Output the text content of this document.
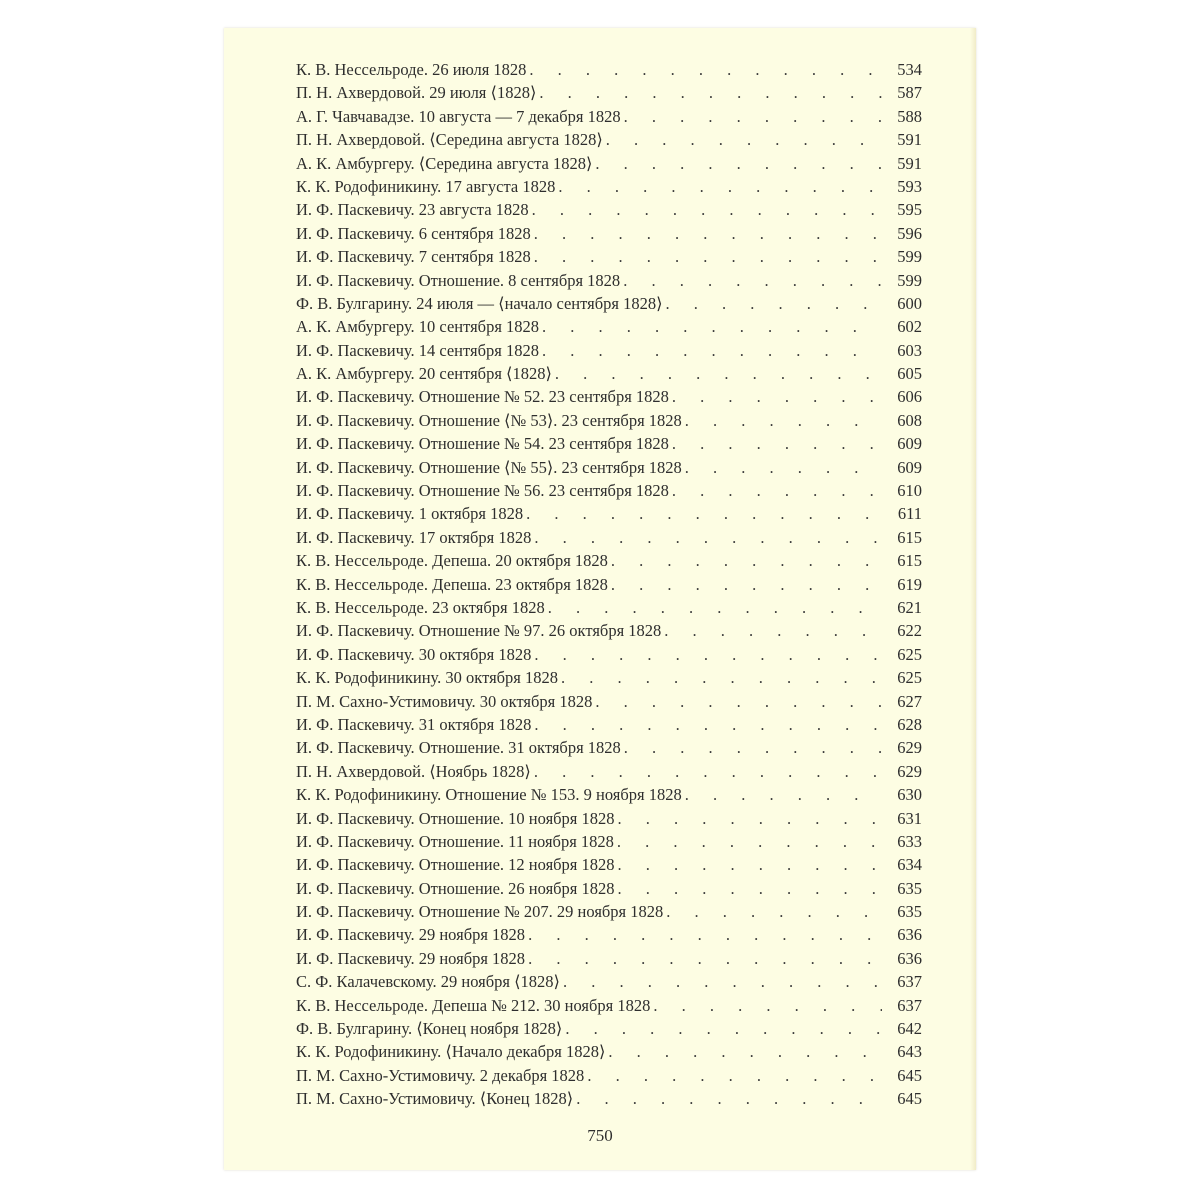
К. В. Нессельроде. 26 июля 1828 . . .	534
П. Н. Ахвердовой. 29 июля ⟨1828⟩ . . .	587
А. Г. Чавчавадзе. 10 августа — 7 декабря 1828 . . .	588
П. Н. Ахвердовой. ⟨Середина августа 1828⟩ . . .	591
А. К. Амбургеру. ⟨Середина августа 1828⟩ . . .	591
К. К. Родофиникину. 17 августа 1828 . . .	593
И. Ф. Паскевичу. 23 августа 1828 . . .	595
И. Ф. Паскевичу. 6 сентября 1828 . . .	596
И. Ф. Паскевичу. 7 сентября 1828 . . .	599
И. Ф. Паскевичу. Отношение. 8 сентября 1828 . . .	599
Ф. В. Булгарину. 24 июля — ⟨начало сентября 1828⟩ . . .	600
А. К. Амбургеру. 10 сентября 1828 . . .	602
И. Ф. Паскевичу. 14 сентября 1828 . . .	603
А. К. Амбургеру. 20 сентября ⟨1828⟩ . . .	605
И. Ф. Паскевичу. Отношение № 52. 23 сентября 1828 . . .	606
И. Ф. Паскевичу. Отношение ⟨№ 53⟩. 23 сентября 1828 . . .	608
И. Ф. Паскевичу. Отношение № 54. 23 сентября 1828 . . .	609
И. Ф. Паскевичу. Отношение ⟨№ 55⟩. 23 сентября 1828 . . .	609
И. Ф. Паскевичу. Отношение № 56. 23 сентября 1828 . . .	610
И. Ф. Паскевичу. 1 октября 1828 . . .	611
И. Ф. Паскевичу. 17 октября 1828 . . .	615
К. В. Нессельроде. Депеша. 20 октября 1828 . . .	615
К. В. Нессельроде. Депеша. 23 октября 1828 . . .	619
К. В. Нессельроде. 23 октября 1828 . . .	621
И. Ф. Паскевичу. Отношение № 97. 26 октября 1828 . . .	622
И. Ф. Паскевичу. 30 октября 1828 . . .	625
К. К. Родофиникину. 30 октября 1828 . . .	625
П. М. Сахно-Устимовичу. 30 октября 1828 . . .	627
И. Ф. Паскевичу. 31 октября 1828 . . .	628
И. Ф. Паскевичу. Отношение. 31 октября 1828 . . .	629
П. Н. Ахвердовой. ⟨Ноябрь 1828⟩ . . .	629
К. К. Родофиникину. Отношение № 153. 9 ноября 1828 . . .	630
И. Ф. Паскевичу. Отношение. 10 ноября 1828 . . .	631
И. Ф. Паскевичу. Отношение. 11 ноября 1828 . . .	633
И. Ф. Паскевичу. Отношение. 12 ноября 1828 . . .	634
И. Ф. Паскевичу. Отношение. 26 ноября 1828 . . .	635
И. Ф. Паскевичу. Отношение № 207. 29 ноября 1828 . . .	635
И. Ф. Паскевичу. 29 ноября 1828 . . .	636
И. Ф. Паскевичу. 29 ноября 1828 . . .	636
С. Ф. Калачевскому. 29 ноября ⟨1828⟩ . . .	637
К. В. Нессельроде. Депеша № 212. 30 ноября 1828 . . .	637
Ф. В. Булгарину. ⟨Конец ноября 1828⟩ . . .	642
К. К. Родофиникину. ⟨Начало декабря 1828⟩ . . .	643
П. М. Сахно-Устимовичу. 2 декабря 1828 . . .	645
П. М. Сахно-Устимовичу. ⟨Конец 1828⟩ . . .	645
750
